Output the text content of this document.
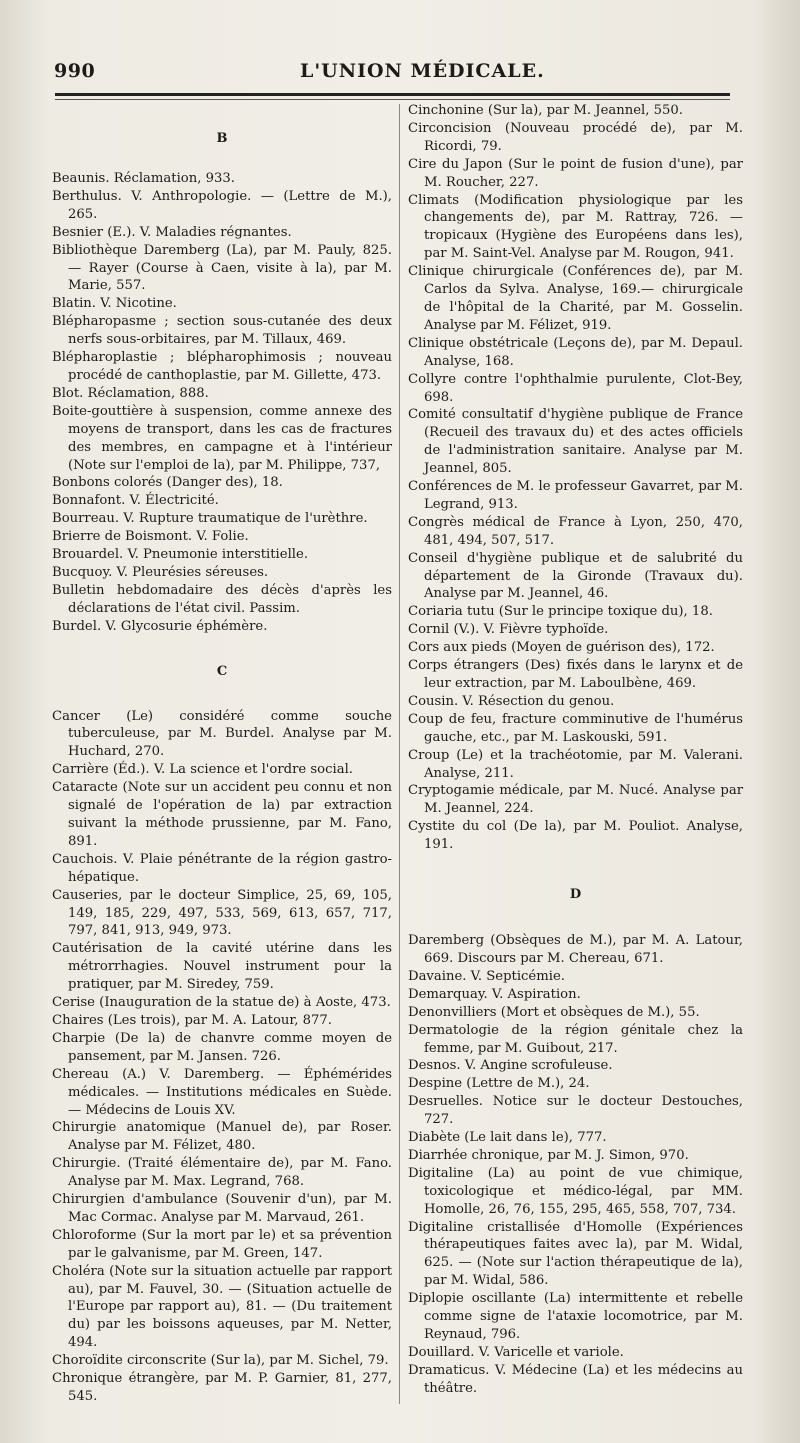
990	L'UNION MÉDICALE.

B

Beaunis. Réclamation, 933.

Berthulus. V. Anthropologie. — (Lettre de M.), 265.

Besnier (E.). V. Maladies régnantes.

Bibliothèque Daremberg (La), par M. Pauly, 825. — Rayer (Course à Caen, visite à la), par M. Marie, 557.

Blatin. V. Nicotine.

Blépharopasme ; section sous-cutanée des deux nerfs sous-orbitaires, par M. Tillaux, 469.

Blépharoplastie ; blépharophimosis ; nouveau procédé de canthoplastie, par M. Gillette, 473.

Blot. Réclamation, 888.

Boite-gouttière à suspension, comme annexe des moyens de transport, dans les cas de fractures des membres, en campagne et à l'intérieur (Note sur l'emploi de la), par M. Philippe, 737,

Bonbons colorés (Danger des), 18.

Bonnafont. V. Électricité.

Bourreau. V. Rupture traumatique de l'urèthre.

Brierre de Boismont. V. Folie.

Brouardel. V. Pneumonie interstitielle.

Bucquoy. V. Pleurésies séreuses.

Bulletin hebdomadaire des décès d'après les déclarations de l'état civil. Passim.

Burdel. V. Glycosurie éphémère.

C

Cancer (Le) considéré comme souche tuberculeuse, par M. Burdel. Analyse par M. Huchard, 270.

Carrière (Éd.). V. La science et l'ordre social.

Cataracte (Note sur un accident peu connu et non signalé de l'opération de la) par extraction suivant la méthode prussienne, par M. Fano, 891.

Cauchois. V. Plaie pénétrante de la région gastro-hépatique.

Causeries, par le docteur Simplice, 25, 69, 105, 149, 185, 229, 497, 533, 569, 613, 657, 717, 797, 841, 913, 949, 973.

Cautérisation de la cavité utérine dans les métrorrhagies. Nouvel instrument pour la pratiquer, par M. Siredey, 759.

Cerise (Inauguration de la statue de) à Aoste, 473.

Chaires (Les trois), par M. A. Latour, 877.

Charpie (De la) de chanvre comme moyen de pansement, par M. Jansen. 726.

Chereau (A.) V. Daremberg. — Éphémérides médicales. — Institutions médicales en Suède. — Médecins de Louis XV.

Chirurgie anatomique (Manuel de), par Roser. Analyse par M. Félizet, 480.

Chirurgie. (Traité élémentaire de), par M. Fano. Analyse par M. Max. Legrand, 768.

Chirurgien d'ambulance (Souvenir d'un), par M. Mac Cormac. Analyse par M. Marvaud, 261.

Chloroforme (Sur la mort par le) et sa prévention par le galvanisme, par M. Green, 147.

Choléra (Note sur la situation actuelle par rapport au), par M. Fauvel, 30. — (Situation actuelle de l'Europe par rapport au), 81. — (Du traitement du) par les boissons aqueuses, par M. Netter, 494.

Choroïdite circonscrite (Sur la), par M. Sichel, 79.

Chronique étrangère, par M. P. Garnier, 81, 277, 545.

Cinchonine (Sur la), par M. Jeannel, 550.

Circoncision (Nouveau procédé de), par M. Ricordi, 79.

Cire du Japon (Sur le point de fusion d'une), par M. Roucher, 227.

Climats (Modification physiologique par les changements de), par M. Rattray, 726. — tropicaux (Hygiène des Européens dans les), par M. Saint-Vel. Analyse par M. Rougon, 941.

Clinique chirurgicale (Conférences de), par M. Carlos da Sylva. Analyse, 169.— chirurgicale de l'hôpital de la Charité, par M. Gosselin. Analyse par M. Félizet, 919.

Clinique obstétricale (Leçons de), par M. Depaul. Analyse, 168.

Collyre contre l'ophthalmie purulente, Clot-Bey, 698.

Comité consultatif d'hygiène publique de France (Recueil des travaux du) et des actes officiels de l'administration sanitaire. Analyse par M. Jeannel, 805.

Conférences de M. le professeur Gavarret, par M. Legrand, 913.

Congrès médical de France à Lyon, 250, 470, 481, 494, 507, 517.

Conseil d'hygiène publique et de salubrité du département de la Gironde (Travaux du). Analyse par M. Jeannel, 46.

Coriaria tutu (Sur le principe toxique du), 18.

Cornil (V.). V. Fièvre typhoïde.

Cors aux pieds (Moyen de guérison des), 172.

Corps étrangers (Des) fixés dans le larynx et de leur extraction, par M. Laboulbène, 469.

Cousin. V. Résection du genou.

Coup de feu, fracture comminutive de l'humérus gauche, etc., par M. Laskouski, 591.

Croup (Le) et la trachéotomie, par M. Valerani. Analyse, 211.

Cryptogamie médicale, par M. Nucé. Analyse par M. Jeannel, 224.

Cystite du col (De la), par M. Pouliot. Analyse, 191.

D

Daremberg (Obsèques de M.), par M. A. Latour, 669. Discours par M. Chereau, 671.

Davaine. V. Septicémie.

Demarquay. V. Aspiration.

Denonvilliers (Mort et obsèques de M.), 55.

Dermatologie de la région génitale chez la femme, par M. Guibout, 217.

Desnos. V. Angine scrofuleuse.

Despine (Lettre de M.), 24.

Desruelles. Notice sur le docteur Destouches, 727.

Diabète (Le lait dans le), 777.

Diarrhée chronique, par M. J. Simon, 970.

Digitaline (La) au point de vue chimique, toxicologique et médico-légal, par MM. Homolle, 26, 76, 155, 295, 465, 558, 707, 734.

Digitaline cristallisée d'Homolle (Expériences thérapeutiques faites avec la), par M. Widal, 625. — (Note sur l'action thérapeutique de la), par M. Widal, 586.

Diplopie oscillante (La) intermittente et rebelle comme signe de l'ataxie locomotrice, par M. Reynaud, 796.

Douillard. V. Varicelle et variole.

Dramaticus. V. Médecine (La) et les médecins au théâtre.
